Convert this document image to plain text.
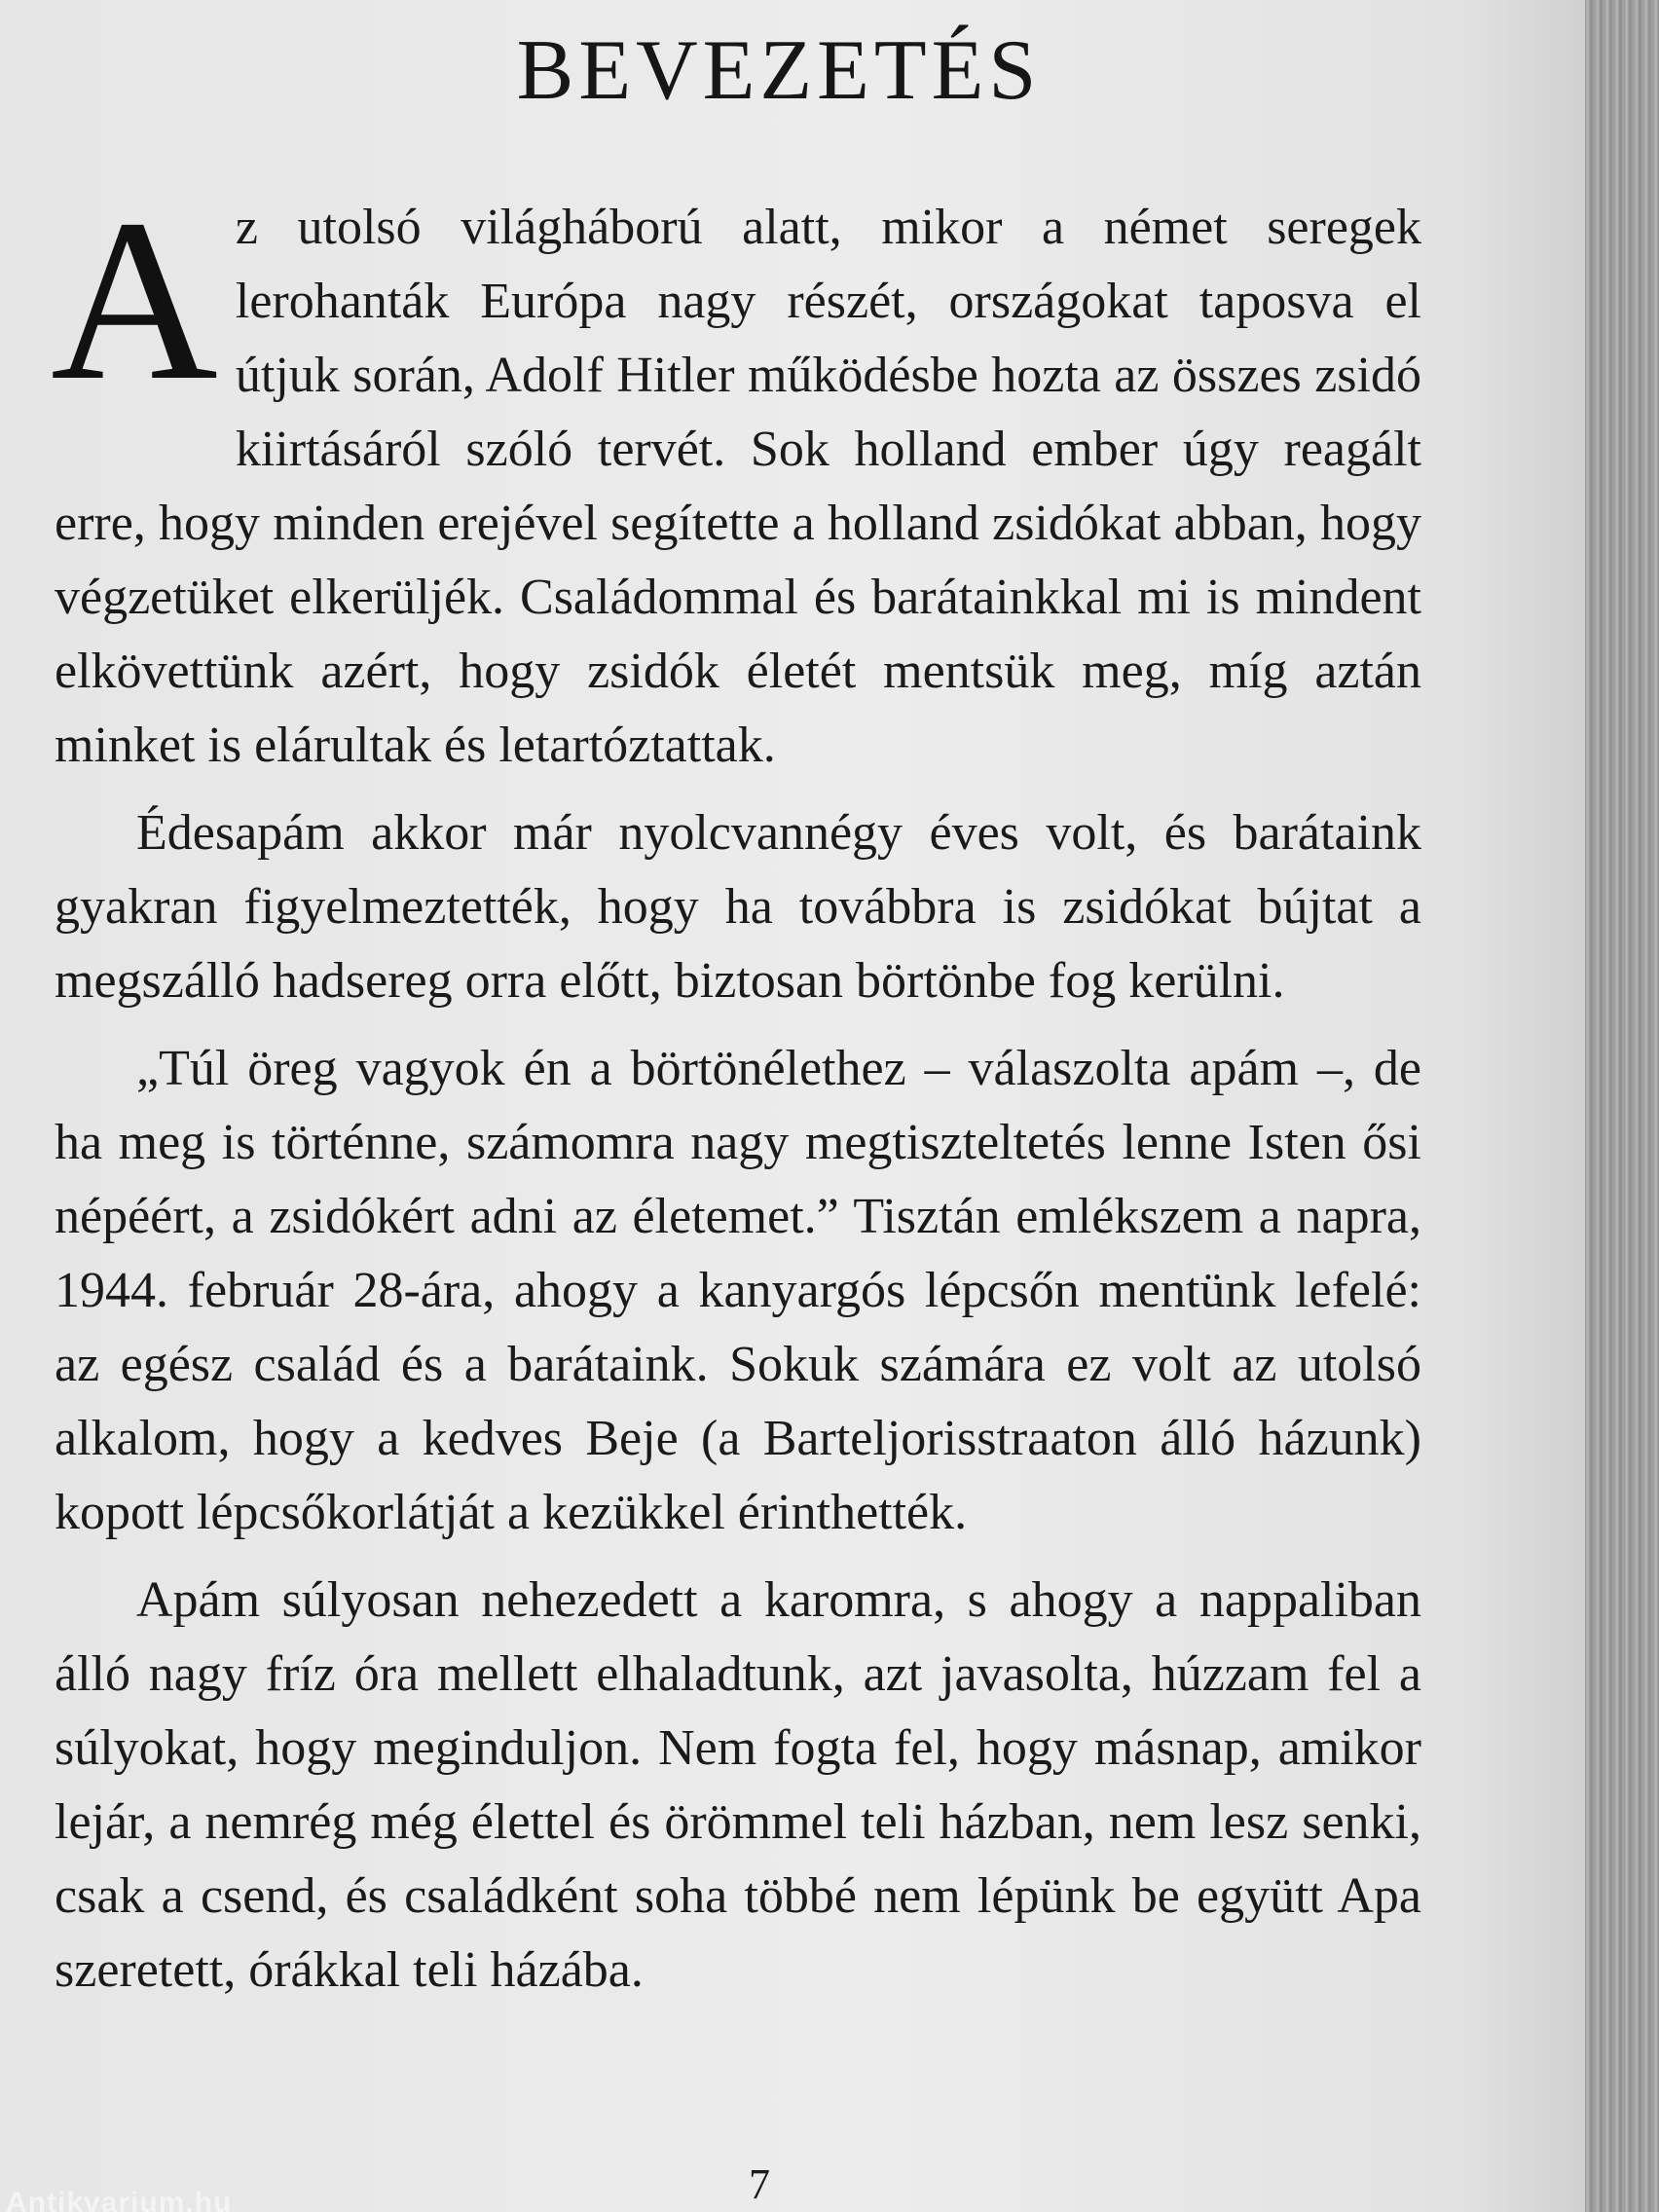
BEVEZETÉS

A z utolsó világháború alatt, mikor a német seregek lerohanták Európa nagy részét, országokat taposva el útjuk során, Adolf Hitler működésbe hozta az összes zsidó kiirtásáról szóló tervét. Sok holland ember úgy reagált erre, hogy minden erejével segítette a holland zsidókat abban, hogy végzetüket elkerüljék. Családommal és barátainkkal mi is mindent elkövettünk azért, hogy zsidók életét mentsük meg, míg aztán minket is elárultak és letartóztattak.

Édesapám akkor már nyolcvannégy éves volt, és barátaink gyakran figyelmeztették, hogy ha továbbra is zsidókat bújtat a megszálló hadsereg orra előtt, biztosan börtönbe fog kerülni.

„Túl öreg vagyok én a börtönélethez – válaszolta apám –, de ha meg is történne, számomra nagy megtiszteltetés lenne Isten ősi népéért, a zsidókért adni az életemet.” Tisztán emlékszem a napra, 1944. február 28-ára, ahogy a kanyargós lépcsőn mentünk lefelé: az egész család és a barátaink. Sokuk számára ez volt az utolsó alkalom, hogy a kedves Beje (a Barteljorisstraaton álló házunk) kopott lépcsőkorlátját a kezükkel érinthették.

Apám súlyosan nehezedett a karomra, s ahogy a nappaliban álló nagy fríz óra mellett elhaladtunk, azt javasolta, húzzam fel a súlyokat, hogy meginduljon. Nem fogta fel, hogy másnap, amikor lejár, a nemrég még élettel és örömmel teli házban, nem lesz senki, csak a csend, és családként soha többé nem lépünk be együtt Apa szeretett, órákkal teli házába.

7
Antikvarium.hu
